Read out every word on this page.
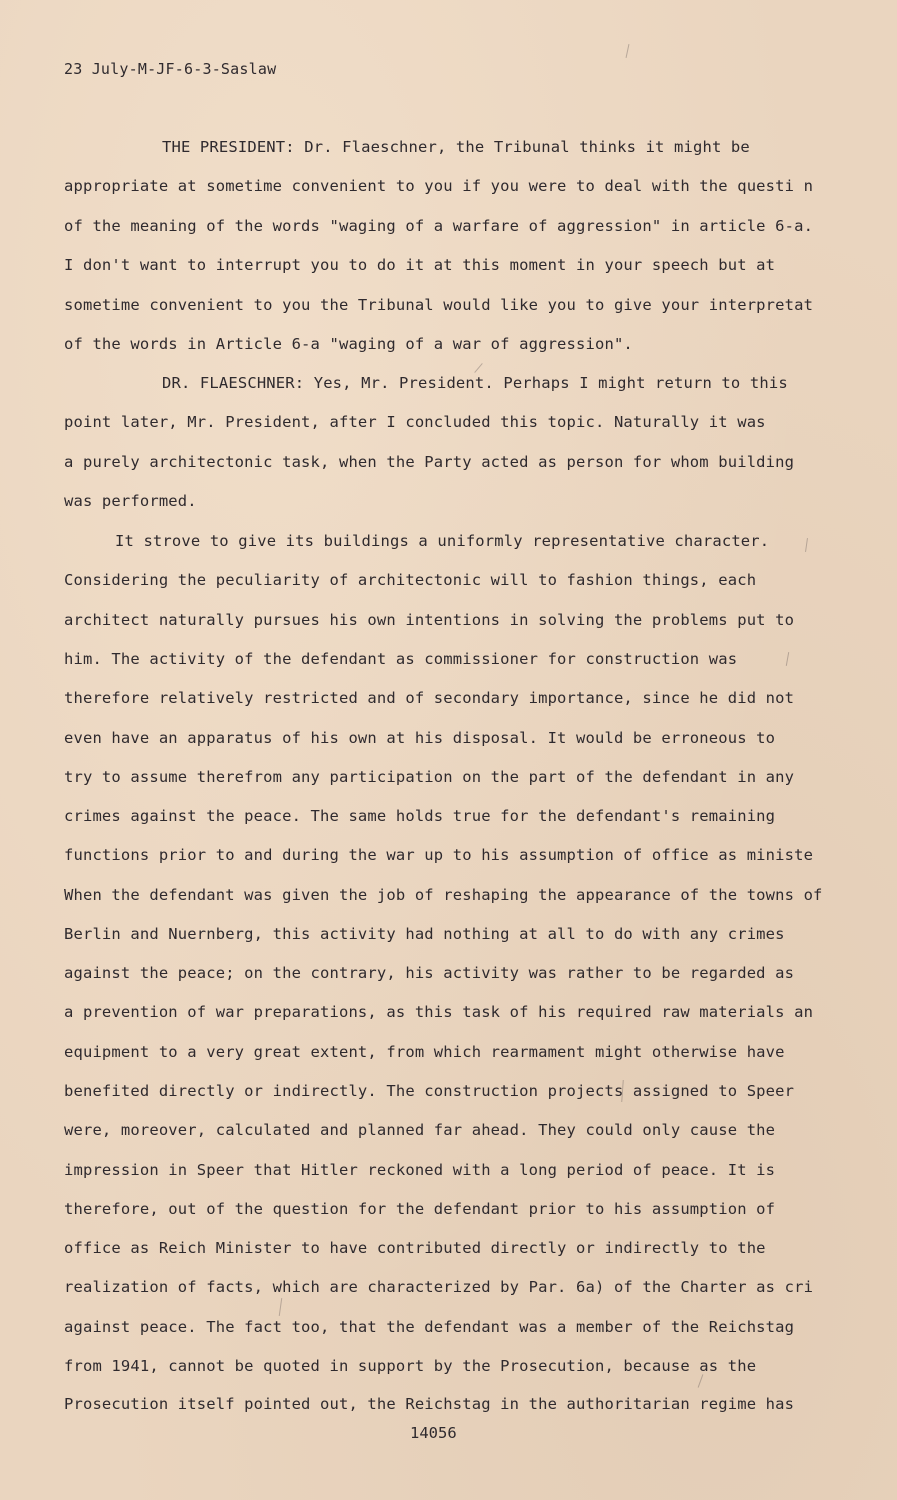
23 July-M-JF-6-3-Saslaw
THE PRESIDENT: Dr. Flaeschner, the Tribunal thinks it might be
appropriate at sometime convenient to you if you were to deal with the questi n
of the meaning of the words "waging of a warfare of aggression" in article 6-a.
I don't want to interrupt you to do it at this moment in your speech but at
sometime convenient to you the Tribunal would like you to give your interpretat
of the words in Article 6-a "waging of a war of aggression".
DR. FLAESCHNER: Yes, Mr. President. Perhaps I might return to this
point later, Mr. President, after I concluded this topic. Naturally it was
a purely architectonic task, when the Party acted as person for whom building
was performed.
It strove to give its buildings a uniformly representative character.
Considering the peculiarity of architectonic will to fashion things, each
architect naturally pursues his own intentions in solving the problems put to
him. The activity of the defendant as commissioner for construction was
therefore relatively restricted and of secondary importance, since he did not
even have an apparatus of his own at his disposal. It would be erroneous to
try to assume therefrom any participation on the part of the defendant in any
crimes against the peace. The same holds true for the defendant's remaining
functions prior to and during the war up to his assumption of office as ministe
When the defendant was given the job of reshaping the appearance of the towns of
Berlin and Nuernberg, this activity had nothing at all to do with any crimes
against the peace; on the contrary, his activity was rather to be regarded as
a prevention of war preparations, as this task of his required raw materials an
equipment to a very great extent, from which rearmament might otherwise have
benefited directly or indirectly. The construction projects assigned to Speer
were, moreover, calculated and planned far ahead. They could only cause the
impression in Speer that Hitler reckoned with a long period of peace. It is
therefore, out of the question for the defendant prior to his assumption of
office as Reich Minister to have contributed directly or indirectly to the
realization of facts, which are characterized by Par. 6a) of the Charter as cri
against peace. The fact too, that the defendant was a member of the Reichstag
from 1941, cannot be quoted in support by the Prosecution, because as the
Prosecution itself pointed out, the Reichstag in the authoritarian regime has
14056
